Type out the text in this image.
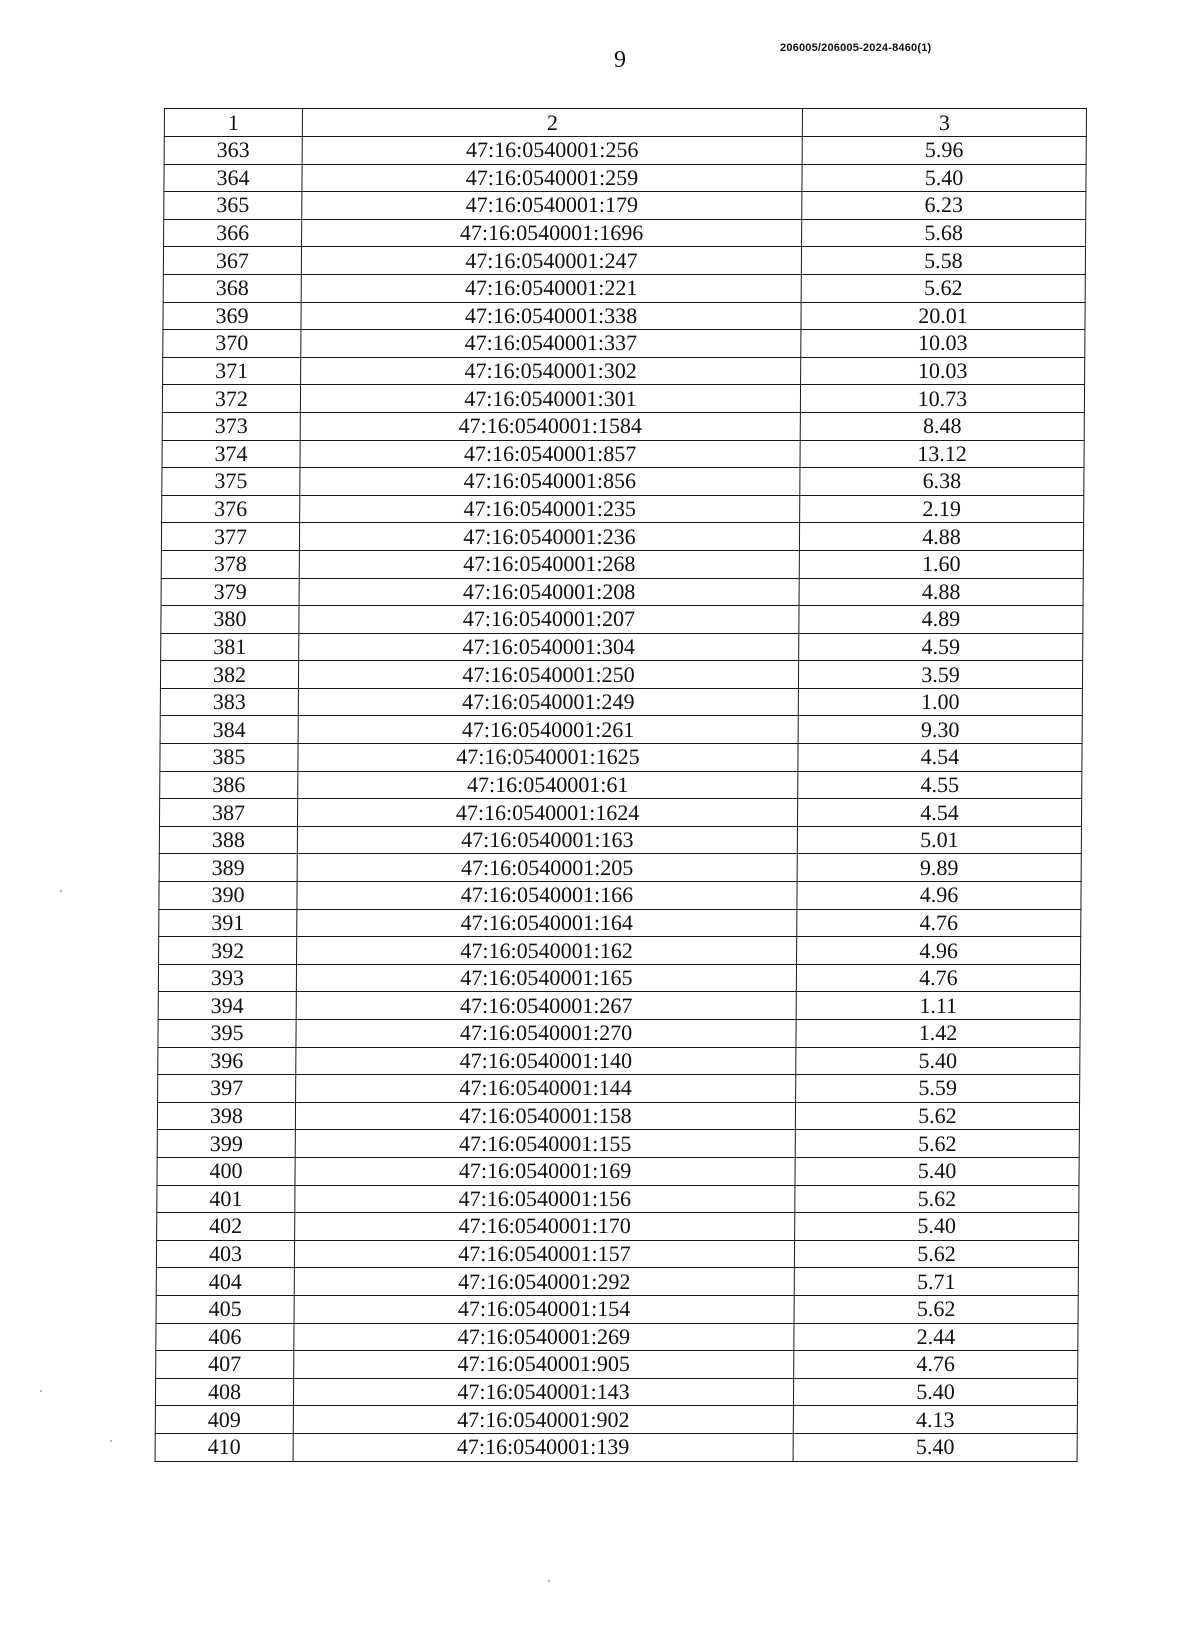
9	206005/206005-2024-8460(1)
1	2	3
363	47:16:0540001:256	5.96
364	47:16:0540001:259	5.40
365	47:16:0540001:179	6.23
366	47:16:0540001:1696	5.68
367	47:16:0540001:247	5.58
368	47:16:0540001:221	5.62
369	47:16:0540001:338	20.01
370	47:16:0540001:337	10.03
371	47:16:0540001:302	10.03
372	47:16:0540001:301	10.73
373	47:16:0540001:1584	8.48
374	47:16:0540001:857	13.12
375	47:16:0540001:856	6.38
376	47:16:0540001:235	2.19
377	47:16:0540001:236	4.88
378	47:16:0540001:268	1.60
379	47:16:0540001:208	4.88
380	47:16:0540001:207	4.89
381	47:16:0540001:304	4.59
382	47:16:0540001:250	3.59
383	47:16:0540001:249	1.00
384	47:16:0540001:261	9.30
385	47:16:0540001:1625	4.54
386	47:16:0540001:61	4.55
387	47:16:0540001:1624	4.54
388	47:16:0540001:163	5.01
389	47:16:0540001:205	9.89
390	47:16:0540001:166	4.96
391	47:16:0540001:164	4.76
392	47:16:0540001:162	4.96
393	47:16:0540001:165	4.76
394	47:16:0540001:267	1.11
395	47:16:0540001:270	1.42
396	47:16:0540001:140	5.40
397	47:16:0540001:144	5.59
398	47:16:0540001:158	5.62
399	47:16:0540001:155	5.62
400	47:16:0540001:169	5.40
401	47:16:0540001:156	5.62
402	47:16:0540001:170	5.40
403	47:16:0540001:157	5.62
404	47:16:0540001:292	5.71
405	47:16:0540001:154	5.62
406	47:16:0540001:269	2.44
407	47:16:0540001:905	4.76
408	47:16:0540001:143	5.40
409	47:16:0540001:902	4.13
410	47:16:0540001:139	5.40
